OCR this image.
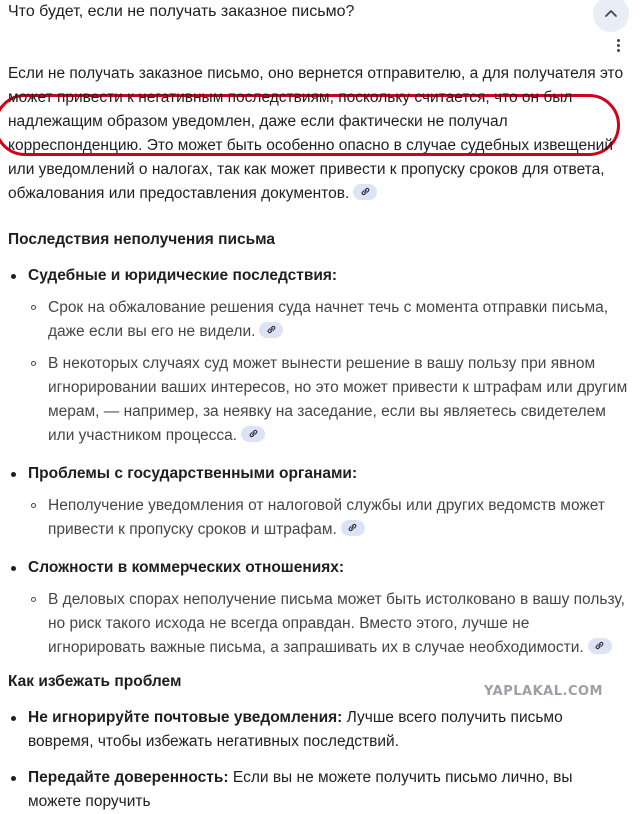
Что будет, если не получать заказное письмо?

Если не получать заказное письмо, оно вернется отправителю, а для получателя это может привести к негативным последствиям, поскольку считается, что он был надлежащим образом уведомлен, даже если фактически не получал корреспонденцию. Это может быть особенно опасно в случае судебных извещений или уведомлений о налогах, так как может привести к пропуску сроков для ответа, обжалования или предоставления документов.

Последствия неполучения письма
Судебные и юридические последствия:
Срок на обжалование решения суда начнет течь с момента отправки письма, даже если вы его не видели.
В некоторых случаях суд может вынести решение в вашу пользу при явном игнорировании ваших интересов, но это может привести к штрафам или другим мерам, — например, за неявку на заседание, если вы являетесь свидетелем или участником процесса.
Проблемы с государственными органами:
Неполучение уведомления от налоговой службы или других ведомств может привести к пропуску сроков и штрафам.
Сложности в коммерческих отношениях:
В деловых спорах неполучение письма может быть истолковано в вашу пользу, но риск такого исхода не всегда оправдан. Вместо этого, лучше не игнорировать важные письма, а запрашивать их в случае необходимости.
Как избежать проблем
Не игнорируйте почтовые уведомления: Лучше всего получить письмо вовремя, чтобы избежать негативных последствий.
Передайте доверенность: Если вы не можете получить письмо лично, вы можете поручить
YAPLAKAL.COM
